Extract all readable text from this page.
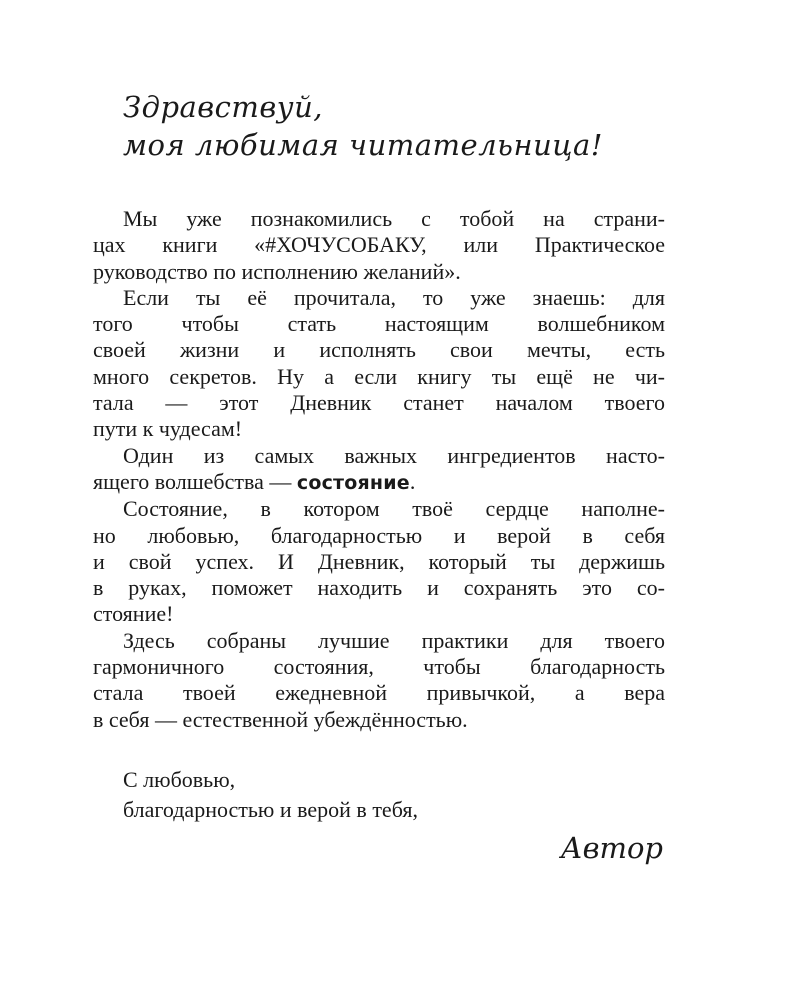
Здравствуй,
моя любимая читательница!

Мы уже познакомились с тобой на страни-
цах книги «#ХОЧУСОБАКУ, или Практическое
руководство по исполнению желаний».

Если ты её прочитала, то уже знаешь: для
того чтобы стать настоящим волшебником
своей жизни и исполнять свои мечты, есть
много секретов. Ну а если книгу ты ещё не чи-
тала — этот Дневник станет началом твоего
пути к чудесам!

Один из самых важных ингредиентов насто-
ящего волшебства — состояние.

Состояние, в котором твоё сердце наполне-
но любовью, благодарностью и верой в себя
и свой успех. И Дневник, который ты держишь
в руках, поможет находить и сохранять это со-
стояние!

Здесь собраны лучшие практики для твоего
гармоничного состояния, чтобы благодарность
стала твоей ежедневной привычкой, а вера
в себя — естественной убеждённостью.

С любовью,
благодарностью и верой в тебя,
Автор
